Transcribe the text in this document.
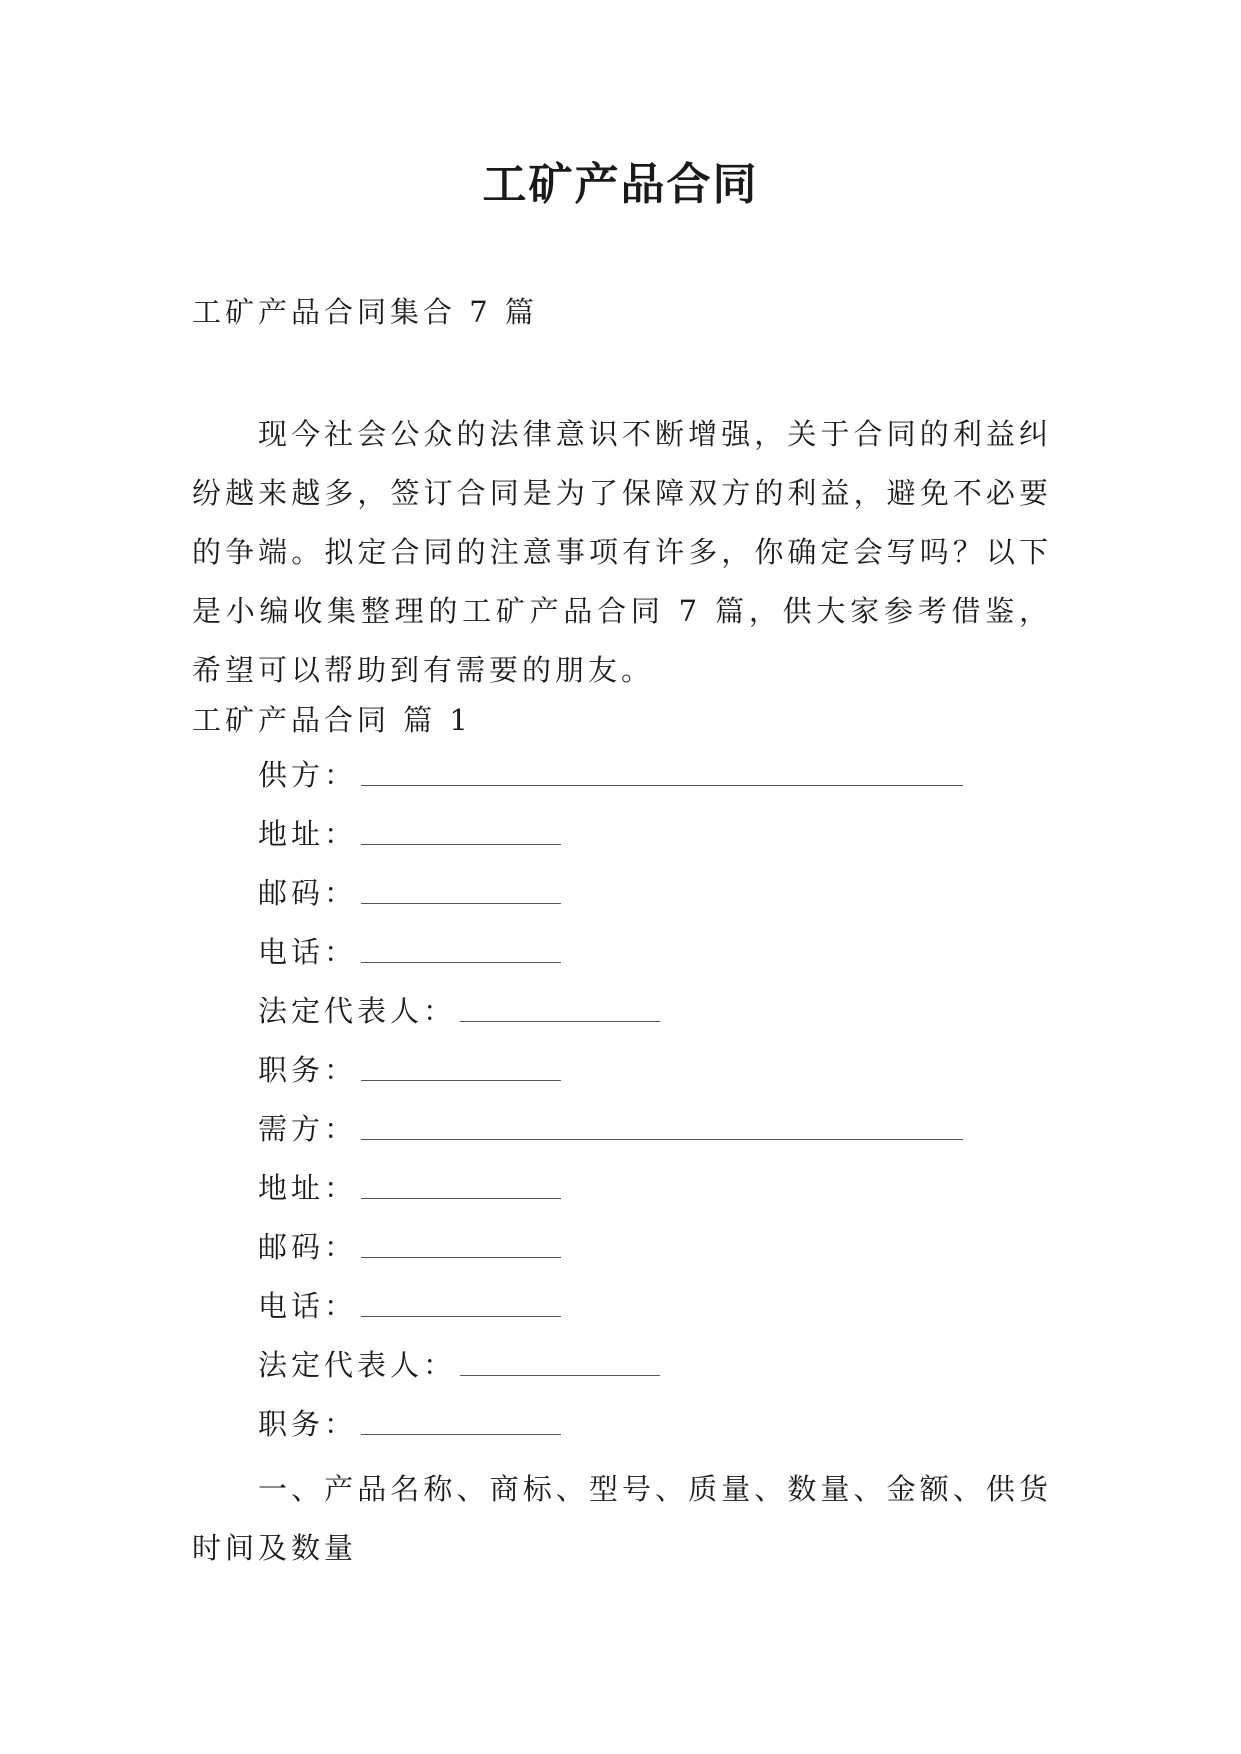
工矿产品合同
工矿产品合同集合 7 篇

现今社会公众的法律意识不断增强，关于合同的利益纠纷越来越多，签订合同是为了保障双方的利益，避免不必要的争端。拟定合同的注意事项有许多，你确定会写吗？以下是小编收集整理的工矿产品合同 7 篇，供大家参考借鉴，希望可以帮助到有需要的朋友。

工矿产品合同 篇 1
供方：
地址：
邮码：
电话：
法定代表人：
职务：
需方：
地址：
邮码：
电话：
法定代表人：
职务：

一、产品名称、商标、型号、质量、数量、金额、供货时间及数量
